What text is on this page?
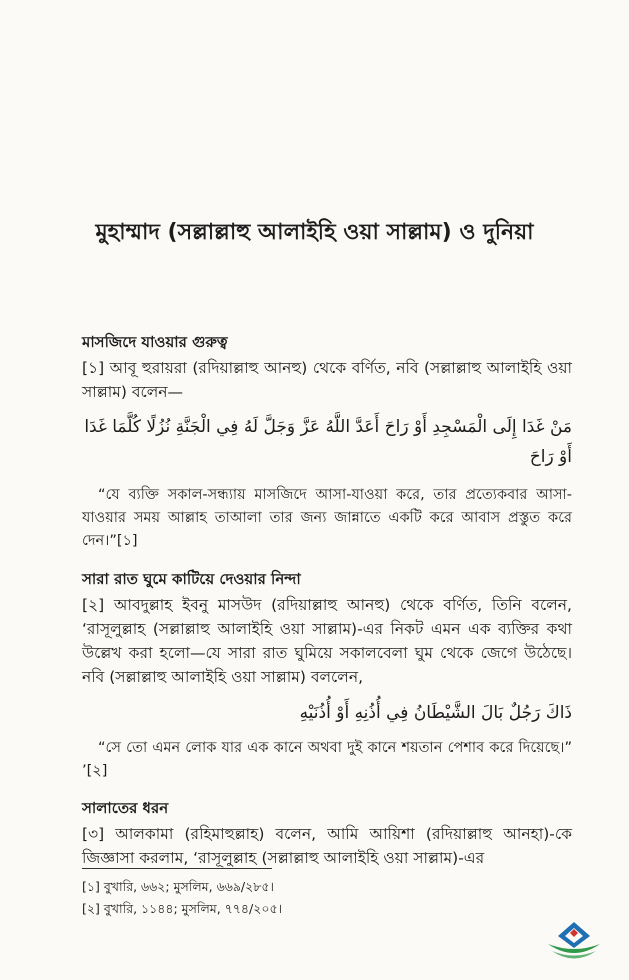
মুহাম্মাদ (সল্লাল্লাহু আলাইহি ওয়া সাল্লাম) ও দুনিয়া
মাসজিদে যাওয়ার গুরুত্ব
[১] আবূ হুরায়রা (রদিয়াল্লাহু আনহু) থেকে বর্ণিত, নবি (সল্লাল্লাহু আলাইহি ওয়া সাল্লাম) বলেন—
مَنْ غَدَا إِلَى الْمَسْجِدِ أَوْ رَاحَ أَعَدَّ اللَّهُ عَزَّ وَجَلَّ لَهُ فِي الْجَنَّةِ نُزُلًا كُلَّمَا غَدَا أَوْ رَاحَ
“যে ব্যক্তি সকাল-সন্ধ্যায় মাসজিদে আসা-যাওয়া করে, তার প্রত্যেকবার আসা-যাওয়ার সময় আল্লাহ তাআলা তার জন্য জান্নাতে একটি করে আবাস প্রস্তুত করে দেন।”[১]
সারা রাত ঘুমে কাটিয়ে দেওয়ার নিন্দা
[২] আবদুল্লাহ ইবনু মাসউদ (রদিয়াল্লাহু আনহু) থেকে বর্ণিত, তিনি বলেন, ‘রাসূলুল্লাহ (সল্লাল্লাহু আলাইহি ওয়া সাল্লাম)-এর নিকট এমন এক ব্যক্তির কথা উল্লেখ করা হলো—যে সারা রাত ঘুমিয়ে সকালবেলা ঘুম থেকে জেগে উঠেছে। নবি (সল্লাল্লাহু আলাইহি ওয়া সাল্লাম) বললেন,
ذَاكَ رَجُلٌ بَالَ الشَّيْطَانُ فِي أُذُنِهِ أَوْ أُذُنَيْهِ
“সে তো এমন লোক যার এক কানে অথবা দুই কানে শয়তান পেশাব করে দিয়েছে।” ’[২]
সালাতের ধরন
[৩] আলকামা (রহিমাহুল্লাহ) বলেন, আমি আয়িশা (রদিয়াল্লাহু আনহা)-কে জিজ্ঞাসা করলাম, ‘রাসূলুল্লাহ (সল্লাল্লাহু আলাইহি ওয়া সাল্লাম)-এর
[১] বুখারি, ৬৬২; মুসলিম, ৬৬৯/২৮৫।
[২] বুখারি, ১১৪৪; মুসলিম, ৭৭৪/২০৫।
